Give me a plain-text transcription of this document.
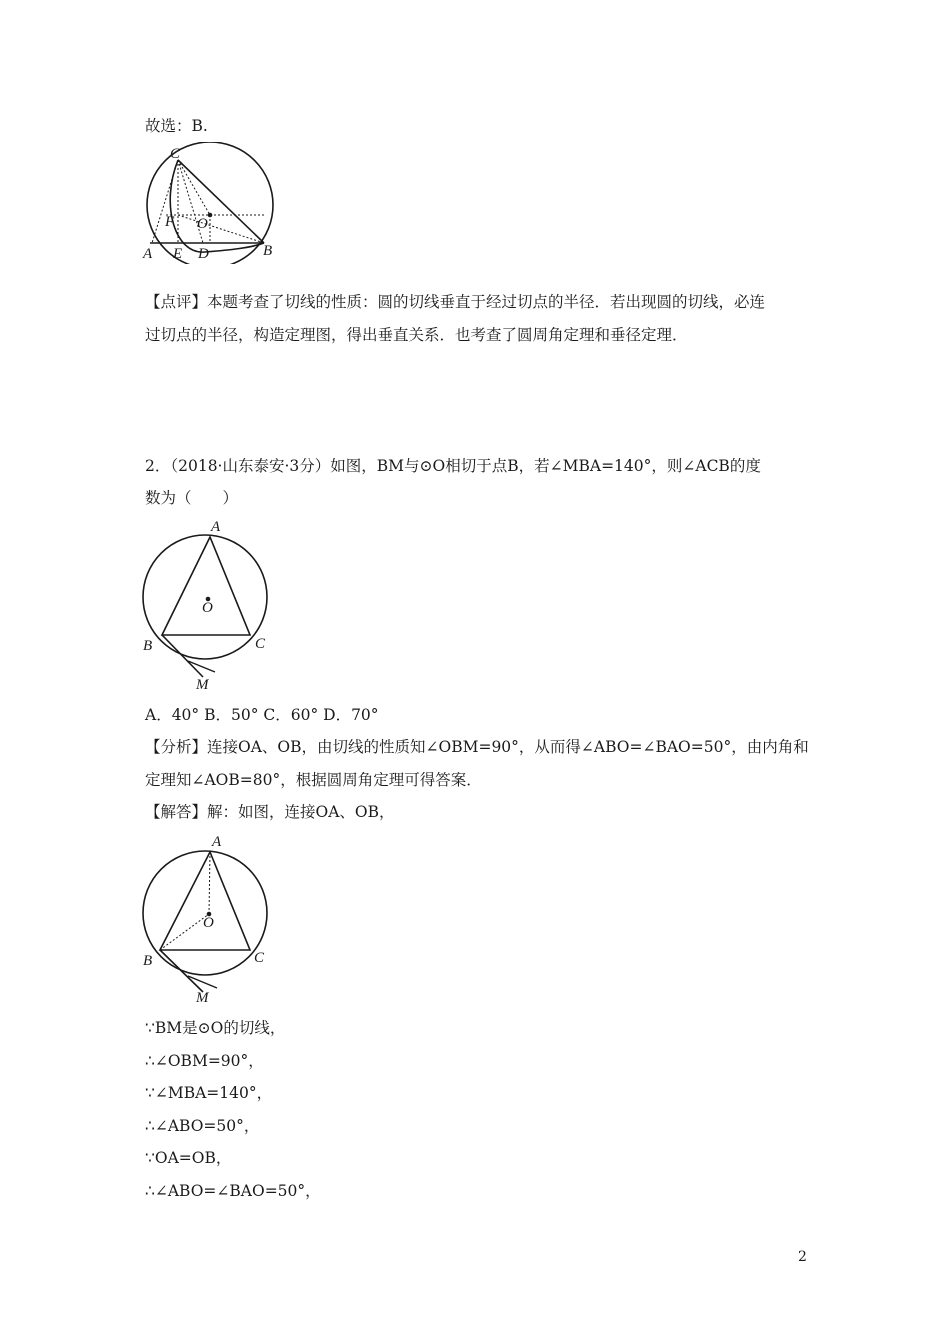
故选：B.
C
F O
A E D	B
【点评】本题考查了切线的性质：圆的切线垂直于经过切点的半径．若出现圆的切线，必连
过切点的半径，构造定理图，得出垂直关系．也考查了圆周角定理和垂径定理．
2．（2018·山东泰安·3分）如图，BM与⊙O相切于点B，若∠MBA=140°，则∠ACB的度
数为（　　）
A
O
B	C
M
A．40° B．50° C．60° D．70°
【分析】连接OA、OB，由切线的性质知∠OBM=90°，从而得∠ABO=∠BAO=50°，由内角和
定理知∠AOB=80°，根据圆周角定理可得答案．
【解答】解：如图，连接OA、OB，
A
O
B	C
M
∵BM是⊙O的切线，
∴∠OBM=90°，
∵∠MBA=140°，
∴∠ABO=50°，
∵OA=OB，
∴∠ABO=∠BAO=50°，
2
